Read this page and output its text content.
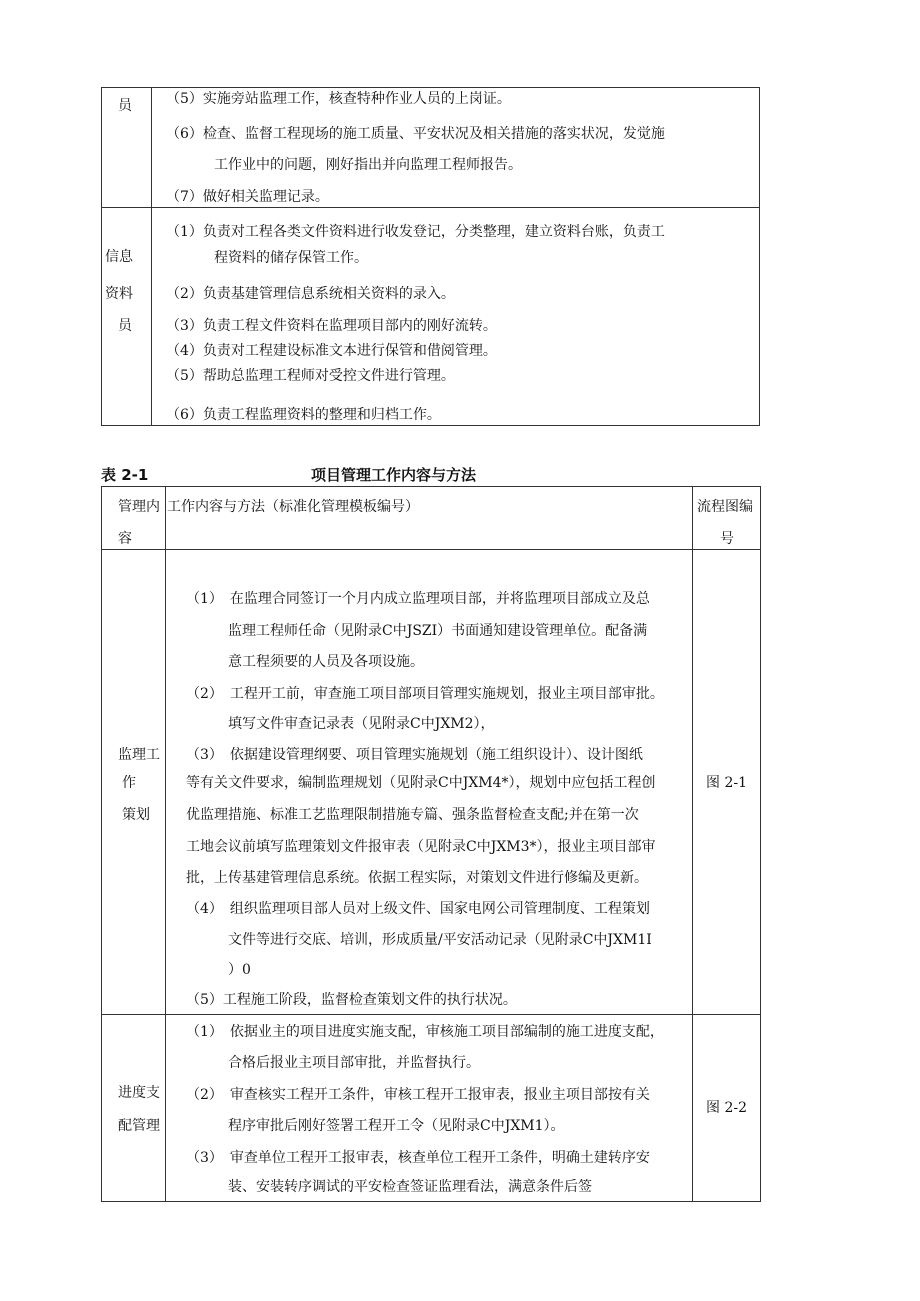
员 （5）实施旁站监理工作，核查特种作业人员的上岗证。
（6）检查、监督工程现场的施工质量、平安状况及相关措施的落实状况，发觉施
工作业中的问题，刚好指出并向监理工程师报告。
（7）做好相关监理记录。
信息
资料
员
（1）负责对工程各类文件资料进行收发登记，分类整理，建立资料台账，负责工
程资料的储存保管工作。
（2）负责基建管理信息系统相关资料的录入。
（3）负责工程文件资料在监理项目部内的刚好流转。
（4）负责对工程建设标准文本进行保管和借阅管理。
（5）帮助总监理工程师对受控文件进行管理。
（6）负责工程监理资料的整理和归档工作。
表 2-1	项目管理工作内容与方法
管理内
容
工作内容与方法（标准化管理模板编号）	流程图编
号
监理工
作
策划
图 2-1
（1）　在监理合同签订一个月内成立监理项目部，并将监理项目部成立及总
监理工程师任命（见附录C中JSZI）书面通知建设管理单位。配备满
意工程须要的人员及各项设施。
（2）　工程开工前，审查施工项目部项目管理实施规划，报业主项目部审批。
填写文件审查记录表（见附录C中JXM2），
（3）　依据建设管理纲要、项目管理实施规划（施工组织设计）、设计图纸
等有关文件要求，编制监理规划（见附录C中JXM4*），规划中应包括工程创
优监理措施、标准工艺监理限制措施专篇、强条监督检查支配;并在第一次
工地会议前填写监理策划文件报审表（见附录C中JXM3*），报业主项目部审
批，上传基建管理信息系统。依据工程实际，对策划文件进行修编及更新。
（4）　组织监理项目部人员对上级文件、国家电网公司管理制度、工程策划
文件等进行交底、培训，形成质量/平安活动记录（见附录C中JXM1I
）0
（5）工程施工阶段，监督检查策划文件的执行状况。
进度支
配管理
图 2-2
（1）　依据业主的项目进度实施支配，审核施工项目部编制的施工进度支配，
合格后报业主项目部审批，并监督执行。
（2）　审查核实工程开工条件，审核工程开工报审表，报业主项目部按有关
程序审批后刚好签署工程开工令（见附录C中JXM1）。
（3）　审查单位工程开工报审表，核查单位工程开工条件，明确土建转序安
装、安装转序调试的平安检查签证监理看法，满意条件后签
